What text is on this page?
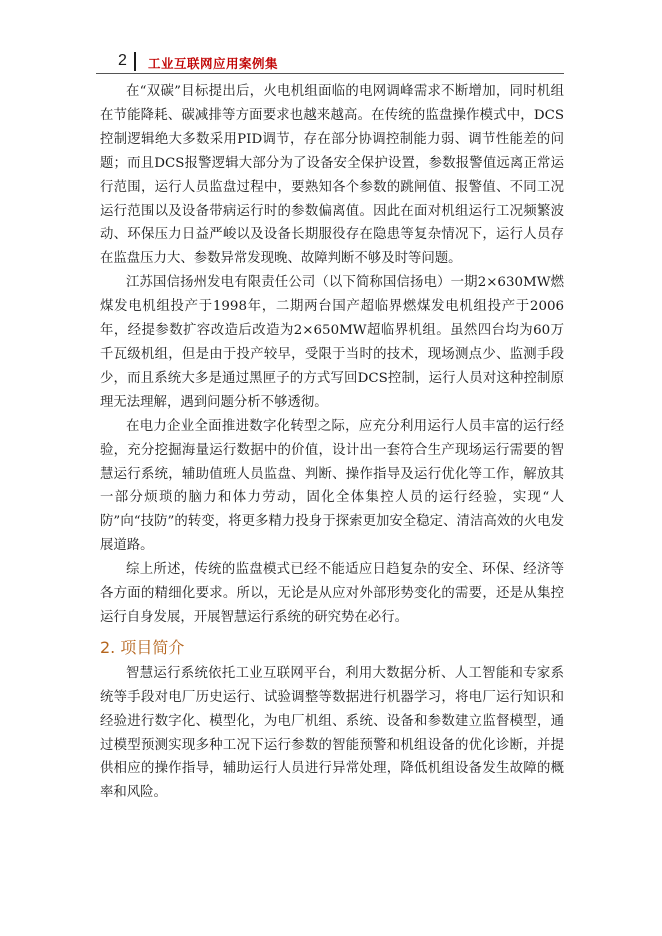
2 工业互联网应用案例集

在“双碳”目标提出后，火电机组面临的电网调峰需求不断增加，同时机组在节能降耗、碳减排等方面要求也越来越高。在传统的监盘操作模式中，DCS控制逻辑绝大多数采用PID调节，存在部分协调控制能力弱、调节性能差的问题；而且DCS报警逻辑大部分为了设备安全保护设置，参数报警值远离正常运行范围，运行人员监盘过程中，要熟知各个参数的跳闸值、报警值、不同工况运行范围以及设备带病运行时的参数偏离值。因此在面对机组运行工况频繁波动、环保压力日益严峻以及设备长期服役存在隐患等复杂情况下，运行人员存在监盘压力大、参数异常发现晚、故障判断不够及时等问题。

江苏国信扬州发电有限责任公司（以下简称国信扬电）一期2×630MW燃煤发电机组投产于1998年，二期两台国产超临界燃煤发电机组投产于2006年，经提参数扩容改造后改造为2×650MW超临界机组。虽然四台均为60万千瓦级机组，但是由于投产较早，受限于当时的技术，现场测点少、监测手段少，而且系统大多是通过黑匣子的方式写回DCS控制，运行人员对这种控制原理无法理解，遇到问题分析不够透彻。

在电力企业全面推进数字化转型之际，应充分利用运行人员丰富的运行经验，充分挖掘海量运行数据中的价值，设计出一套符合生产现场运行需要的智慧运行系统，辅助值班人员监盘、判断、操作指导及运行优化等工作，解放其一部分烦琐的脑力和体力劳动，固化全体集控人员的运行经验，实现“人防”向“技防”的转变，将更多精力投身于探索更加安全稳定、清洁高效的火电发展道路。

综上所述，传统的监盘模式已经不能适应日趋复杂的安全、环保、经济等各方面的精细化要求。所以，无论是从应对外部形势变化的需要，还是从集控运行自身发展，开展智慧运行系统的研究势在必行。

2. 项目简介

智慧运行系统依托工业互联网平台，利用大数据分析、人工智能和专家系统等手段对电厂历史运行、试验调整等数据进行机器学习，将电厂运行知识和经验进行数字化、模型化，为电厂机组、系统、设备和参数建立监督模型，通过模型预测实现多种工况下运行参数的智能预警和机组设备的优化诊断，并提供相应的操作指导，辅助运行人员进行异常处理，降低机组设备发生故障的概率和风险。
